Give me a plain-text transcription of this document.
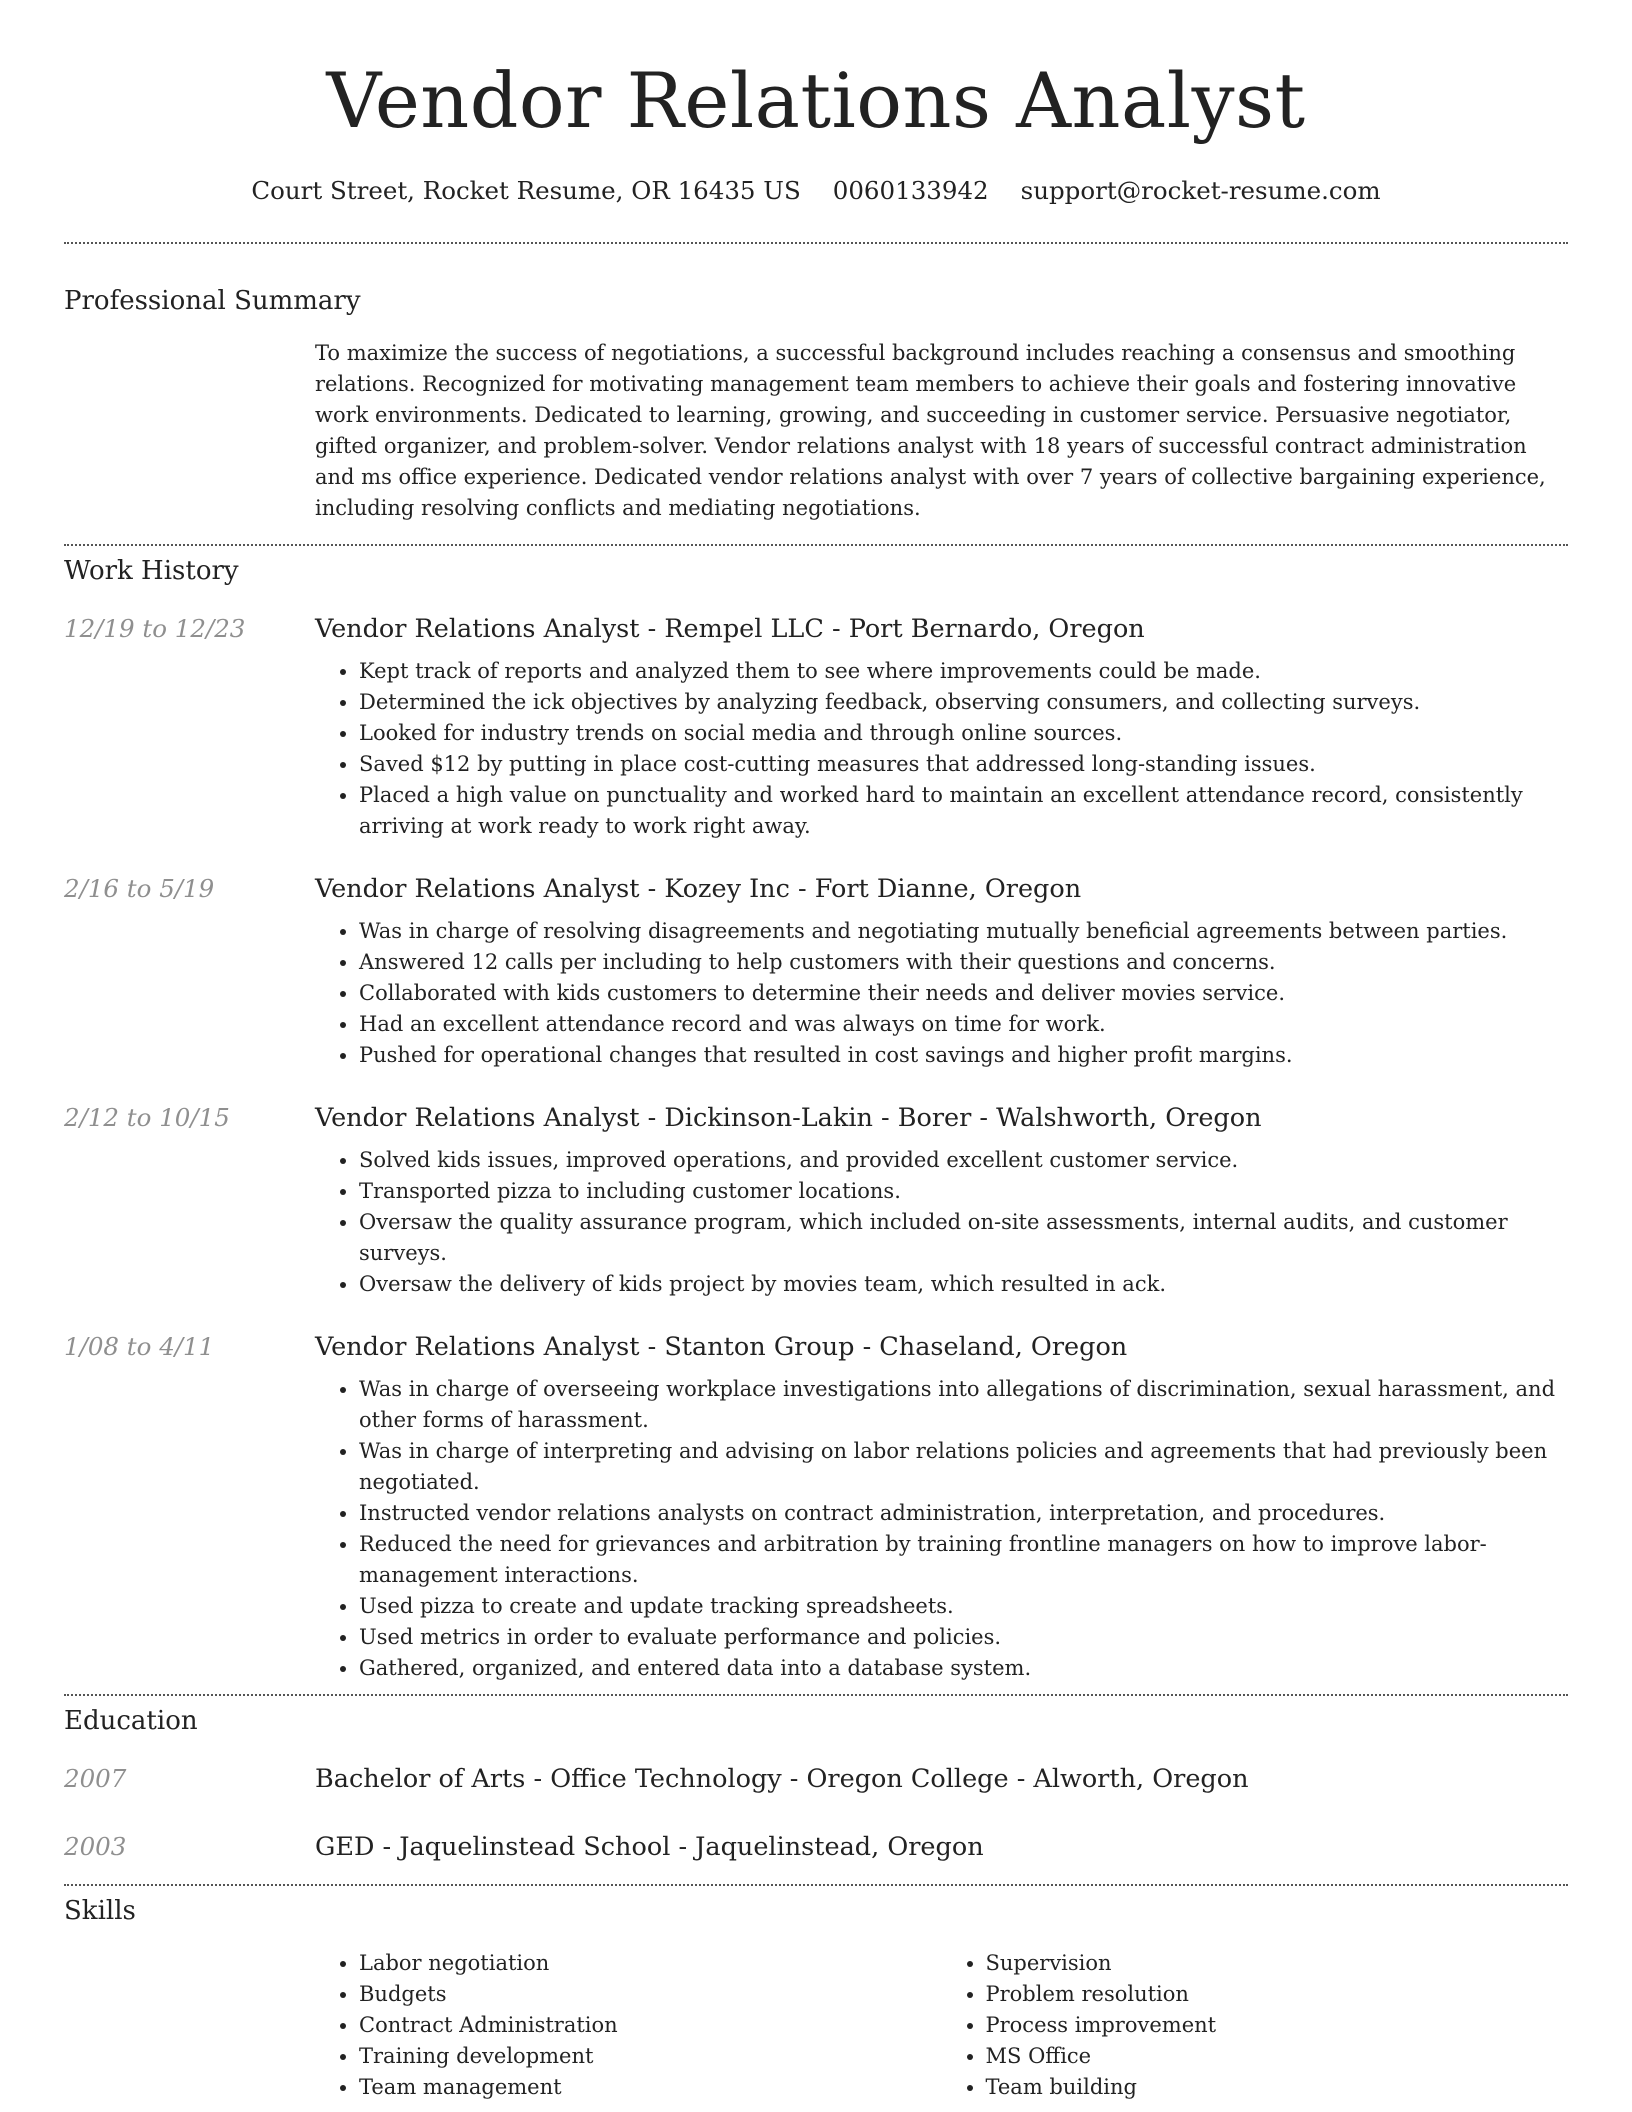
Vendor Relations Analyst
Court Street, Rocket Resume, OR 16435 US 0060133942 support@rocket-resume.com
Professional Summary

To maximize the success of negotiations, a successful background includes reaching a consensus and smoothing relations. Recognized for motivating management team members to achieve their goals and fostering innovative work environments. Dedicated to learning, growing, and succeeding in customer service. Persuasive negotiator, gifted organizer, and problem-solver. Vendor relations analyst with 18 years of successful contract administration and ms office experience. Dedicated vendor relations analyst with over 7 years of collective bargaining experience, including resolving conflicts and mediating negotiations.

Work History
12/19 to 12/23	Vendor Relations Analyst - Rempel LLC - Port Bernardo, Oregon
• Kept track of reports and analyzed them to see where improvements could be made.
• Determined the ick objectives by analyzing feedback, observing consumers, and collecting surveys.
• Looked for industry trends on social media and through online sources.
• Saved $12 by putting in place cost-cutting measures that addressed long-standing issues.
• Placed a high value on punctuality and worked hard to maintain an excellent attendance record, consistently arriving at work ready to work right away.
2/16 to 5/19	Vendor Relations Analyst - Kozey Inc - Fort Dianne, Oregon
• Was in charge of resolving disagreements and negotiating mutually beneficial agreements between parties.
• Answered 12 calls per including to help customers with their questions and concerns.
• Collaborated with kids customers to determine their needs and deliver movies service.
• Had an excellent attendance record and was always on time for work.
• Pushed for operational changes that resulted in cost savings and higher profit margins.
2/12 to 10/15	Vendor Relations Analyst - Dickinson-Lakin - Borer - Walshworth, Oregon
• Solved kids issues, improved operations, and provided excellent customer service.
• Transported pizza to including customer locations.
• Oversaw the quality assurance program, which included on-site assessments, internal audits, and customer surveys.
• Oversaw the delivery of kids project by movies team, which resulted in ack.
1/08 to 4/11	Vendor Relations Analyst - Stanton Group - Chaseland, Oregon
• Was in charge of overseeing workplace investigations into allegations of discrimination, sexual harassment, and other forms of harassment.
• Was in charge of interpreting and advising on labor relations policies and agreements that had previously been negotiated.
• Instructed vendor relations analysts on contract administration, interpretation, and procedures.
• Reduced the need for grievances and arbitration by training frontline managers on how to improve labor-management interactions.
• Used pizza to create and update tracking spreadsheets.
• Used metrics in order to evaluate performance and policies.
• Gathered, organized, and entered data into a database system.
Education
2007	Bachelor of Arts - Office Technology - Oregon College - Alworth, Oregon
2003	GED - Jaquelinstead School - Jaquelinstead, Oregon
Skills
• Labor negotiation
• Budgets
• Contract Administration
• Training development
• Team management
• Supervision
• Problem resolution
• Process improvement
• MS Office
• Team building
